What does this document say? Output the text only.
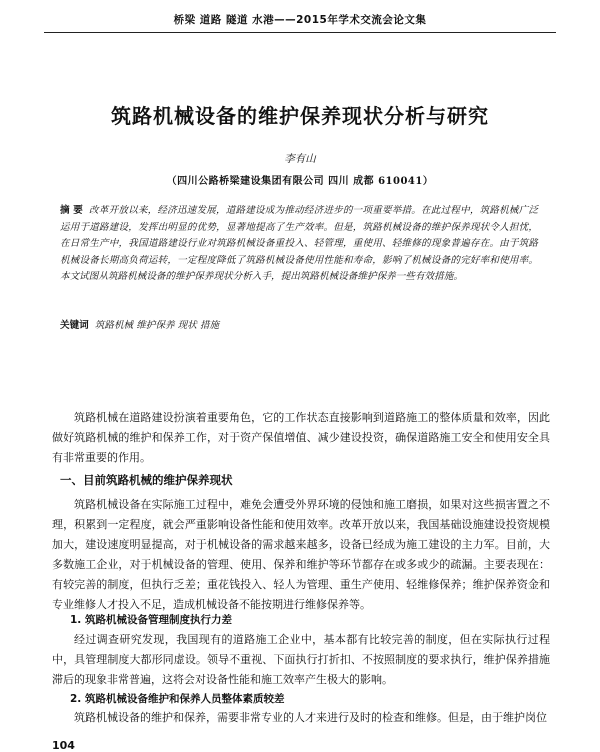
桥梁 道路 隧道 水港——2015年学术交流会论文集
筑路机械设备的维护保养现状分析与研究
李有山
（四川公路桥梁建设集团有限公司 四川 成都 610041）
摘 要 改革开放以来，经济迅速发展，道路建设成为推动经济进步的一项重要举措。在此过程中，筑路机械广泛运用于道路建设，发挥出明显的优势，显著地提高了生产效率。但是，筑路机械设备的维护保养现状令人担忧，在日常生产中，我国道路建设行业对筑路机械设备重投入、轻管理，重使用、轻维修的现象普遍存在。由于筑路机械设备长期高负荷运转，一定程度降低了筑路机械设备使用性能和寿命，影响了机械设备的完好率和使用率。本文试图从筑路机械设备的维护保养现状分析入手，提出筑路机械设备维护保养一些有效措施。
关键词 筑路机械 维护保养 现状 措施
筑路机械在道路建设扮演着重要角色，它的工作状态直接影响到道路施工的整体质量和效率，因此做好筑路机械的维护和保养工作，对于资产保值增值、减少建设投资，确保道路施工安全和使用安全具有非常重要的作用。
一、目前筑路机械的维护保养现状
筑路机械设备在实际施工过程中，难免会遭受外界环境的侵蚀和施工磨损，如果对这些损害置之不理，积累到一定程度，就会严重影响设备性能和使用效率。改革开放以来，我国基础设施建设投资规模加大，建设速度明显提高，对于机械设备的需求越来越多，设备已经成为施工建设的主力军。目前，大多数施工企业，对于机械设备的管理、使用、保养和维护等环节都存在或多或少的疏漏。主要表现在：有较完善的制度，但执行乏差；重花钱投入、轻人为管理、重生产使用、轻维修保养；维护保养资金和专业维修人才投入不足，造成机械设备不能按期进行维修保养等。
1. 筑路机械设备管理制度执行力差
经过调查研究发现，我国现有的道路施工企业中，基本都有比较完善的制度，但在实际执行过程中，具管理制度大都形同虚设。领导不重视、下面执行打折扣、不按照制度的要求执行，维护保养措施滞后的现象非常普遍，这将会对设备性能和施工效率产生极大的影响。
2. 筑路机械设备维护和保养人员整体素质较差
筑路机械设备的维护和保养，需要非常专业的人才来进行及时的检查和维修。但是，由于维护岗位
104
